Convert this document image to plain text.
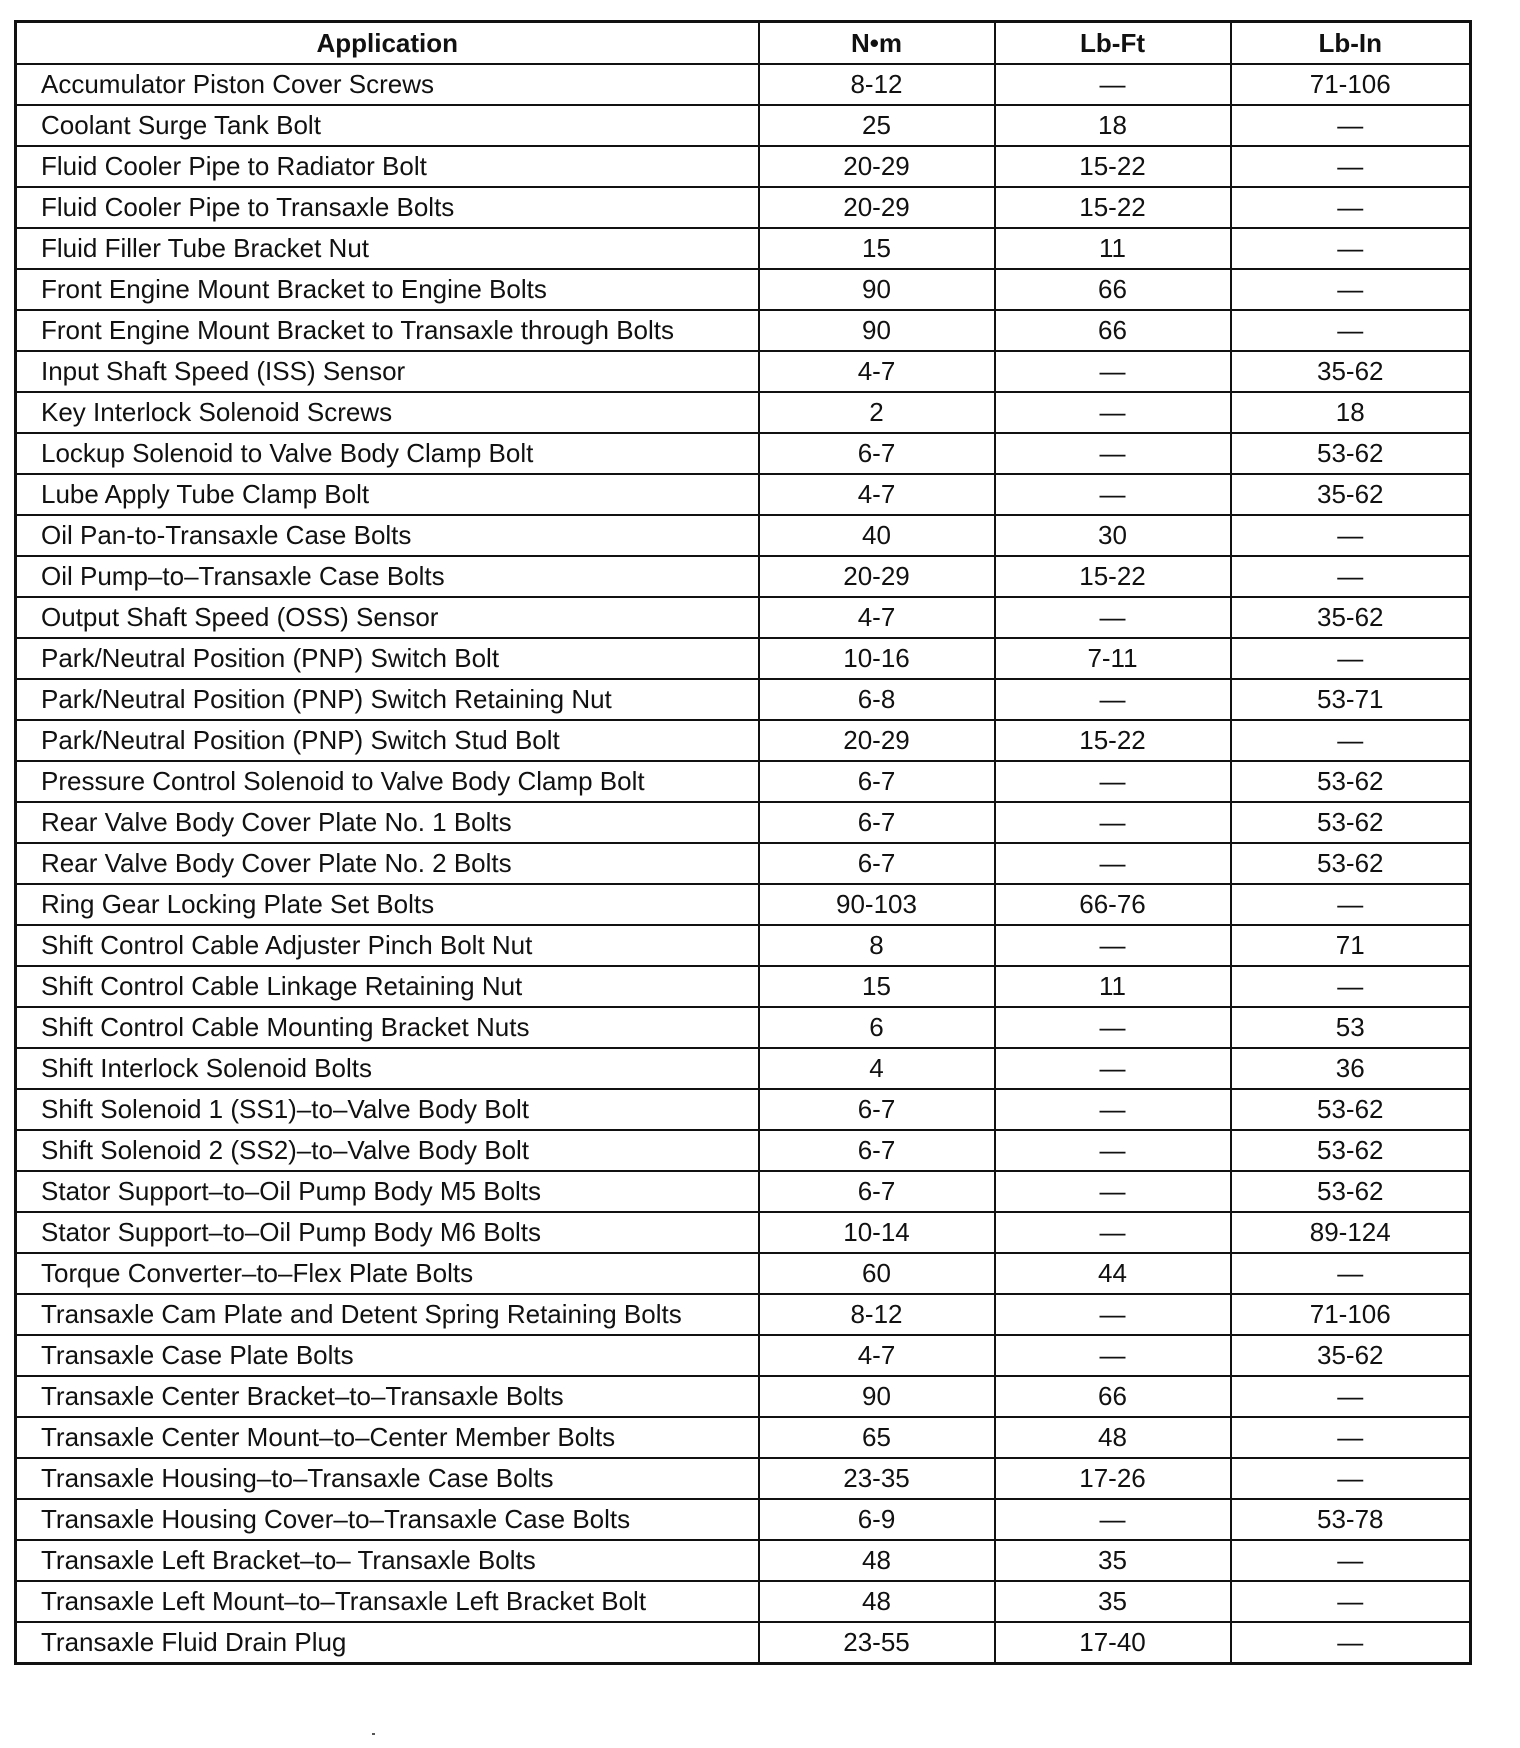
Application	N•m	Lb-Ft	Lb-In
Accumulator Piston Cover Screws	8-12	—	71-106
Coolant Surge Tank Bolt	25	18	—
Fluid Cooler Pipe to Radiator Bolt	20-29	15-22	—
Fluid Cooler Pipe to Transaxle Bolts	20-29	15-22	—
Fluid Filler Tube Bracket Nut	15	11	—
Front Engine Mount Bracket to Engine Bolts	90	66	—
Front Engine Mount Bracket to Transaxle through Bolts	90	66	—
Input Shaft Speed (ISS) Sensor	4-7	—	35-62
Key Interlock Solenoid Screws	2	—	18
Lockup Solenoid to Valve Body Clamp Bolt	6-7	—	53-62
Lube Apply Tube Clamp Bolt	4-7	—	35-62
Oil Pan-to-Transaxle Case Bolts	40	30	—
Oil Pump–to–Transaxle Case Bolts	20-29	15-22	—
Output Shaft Speed (OSS) Sensor	4-7	—	35-62
Park/Neutral Position (PNP) Switch Bolt	10-16	7-11	—
Park/Neutral Position (PNP) Switch Retaining Nut	6-8	—	53-71
Park/Neutral Position (PNP) Switch Stud Bolt	20-29	15-22	—
Pressure Control Solenoid to Valve Body Clamp Bolt	6-7	—	53-62
Rear Valve Body Cover Plate No. 1 Bolts	6-7	—	53-62
Rear Valve Body Cover Plate No. 2 Bolts	6-7	—	53-62
Ring Gear Locking Plate Set Bolts	90-103	66-76	—
Shift Control Cable Adjuster Pinch Bolt Nut	8	—	71
Shift Control Cable Linkage Retaining Nut	15	11	—
Shift Control Cable Mounting Bracket Nuts	6	—	53
Shift Interlock Solenoid Bolts	4	—	36
Shift Solenoid 1 (SS1)–to–Valve Body Bolt	6-7	—	53-62
Shift Solenoid 2 (SS2)–to–Valve Body Bolt	6-7	—	53-62
Stator Support–to–Oil Pump Body M5 Bolts	6-7	—	53-62
Stator Support–to–Oil Pump Body M6 Bolts	10-14	—	89-124
Torque Converter–to–Flex Plate Bolts	60	44	—
Transaxle Cam Plate and Detent Spring Retaining Bolts	8-12	—	71-106
Transaxle Case Plate Bolts	4-7	—	35-62
Transaxle Center Bracket–to–Transaxle Bolts	90	66	—
Transaxle Center Mount–to–Center Member Bolts	65	48	—
Transaxle Housing–to–Transaxle Case Bolts	23-35	17-26	—
Transaxle Housing Cover–to–Transaxle Case Bolts	6-9	—	53-78
Transaxle Left Bracket–to– Transaxle Bolts	48	35	—
Transaxle Left Mount–to–Transaxle Left Bracket Bolt	48	35	—
Transaxle Fluid Drain Plug	23-55	17-40	—
